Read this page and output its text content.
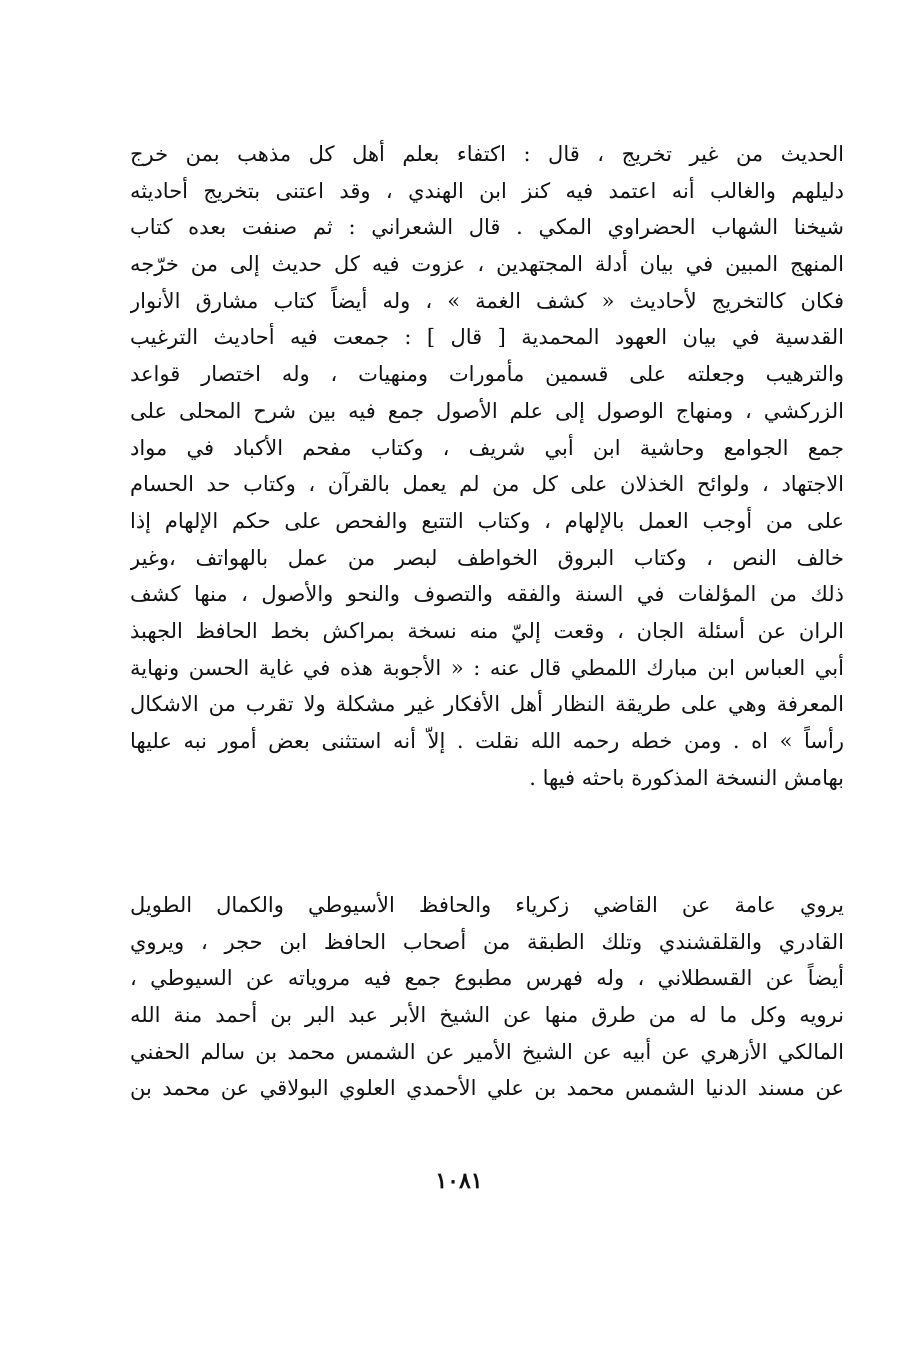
الحديث من غير تخريج ، قال : اكتفاء بعلم أهل كل مذهب بمن خرج
دليلهم والغالب أنه اعتمد فيه كنز ابن الهندي ، وقد اعتنى بتخريج أحاديثه
شيخنا الشهاب الحضراوي المكي . قال الشعراني : ثم صنفت بعده كتاب
المنهج المبين في بيان أدلة المجتهدين ، عزوت فيه كل حديث إلى من خرّجه
فكان كالتخريج لأحاديث « كشف الغمة » ، وله أيضاً كتاب مشارق الأنوار
القدسية في بيان العهود المحمدية [ قال ] : جمعت فيه أحاديث الترغيب
والترهيب وجعلته على قسمين مأمورات ومنهيات ، وله اختصار قواعد
الزركشي ، ومنهاج الوصول إلى علم الأصول جمع فيه بين شرح المحلى على
جمع الجوامع وحاشية ابن أبي شريف ، وكتاب مفحم الأكباد في مواد
الاجتهاد ، ولوائح الخذلان على كل من لم يعمل بالقرآن ، وكتاب حد الحسام
على من أوجب العمل بالإلهام ، وكتاب التتبع والفحص على حكم الإلهام إذا
خالف النص ، وكتاب البروق الخواطف لبصر من عمل بالهواتف ،وغير
ذلك من المؤلفات في السنة والفقه والتصوف والنحو والأصول ، منها كشف
الران عن أسئلة الجان ، وقعت إليّ منه نسخة بمراكش بخط الحافظ الجهبذ
أبي العباس ابن مبارك اللمطي قال عنه : « الأجوبة هذه في غاية الحسن ونهاية
المعرفة وهي على طريقة النظار أهل الأفكار غير مشكلة ولا تقرب من الاشكال
رأساً » اه . ومن خطه رحمه الله نقلت . إلاّ أنه استثنى بعض أمور نبه عليها
بهامش النسخة المذكورة باحثه فيها .
يروي عامة عن القاضي زكرياء والحافظ الأسيوطي والكمال الطويل
القادري والقلقشندي وتلك الطبقة من أصحاب الحافظ ابن حجر ، ويروي
أيضاً عن القسطلاني ، وله فهرس مطبوع جمع فيه مروياته عن السيوطي ،
نرويه وكل ما له من طرق منها عن الشيخ الأبر عبد البر بن أحمد منة الله
المالكي الأزهري عن أبيه عن الشيخ الأمير عن الشمس محمد بن سالم الحفني
عن مسند الدنيا الشمس محمد بن علي الأحمدي العلوي البولاقي عن محمد بن
١٠٨١
